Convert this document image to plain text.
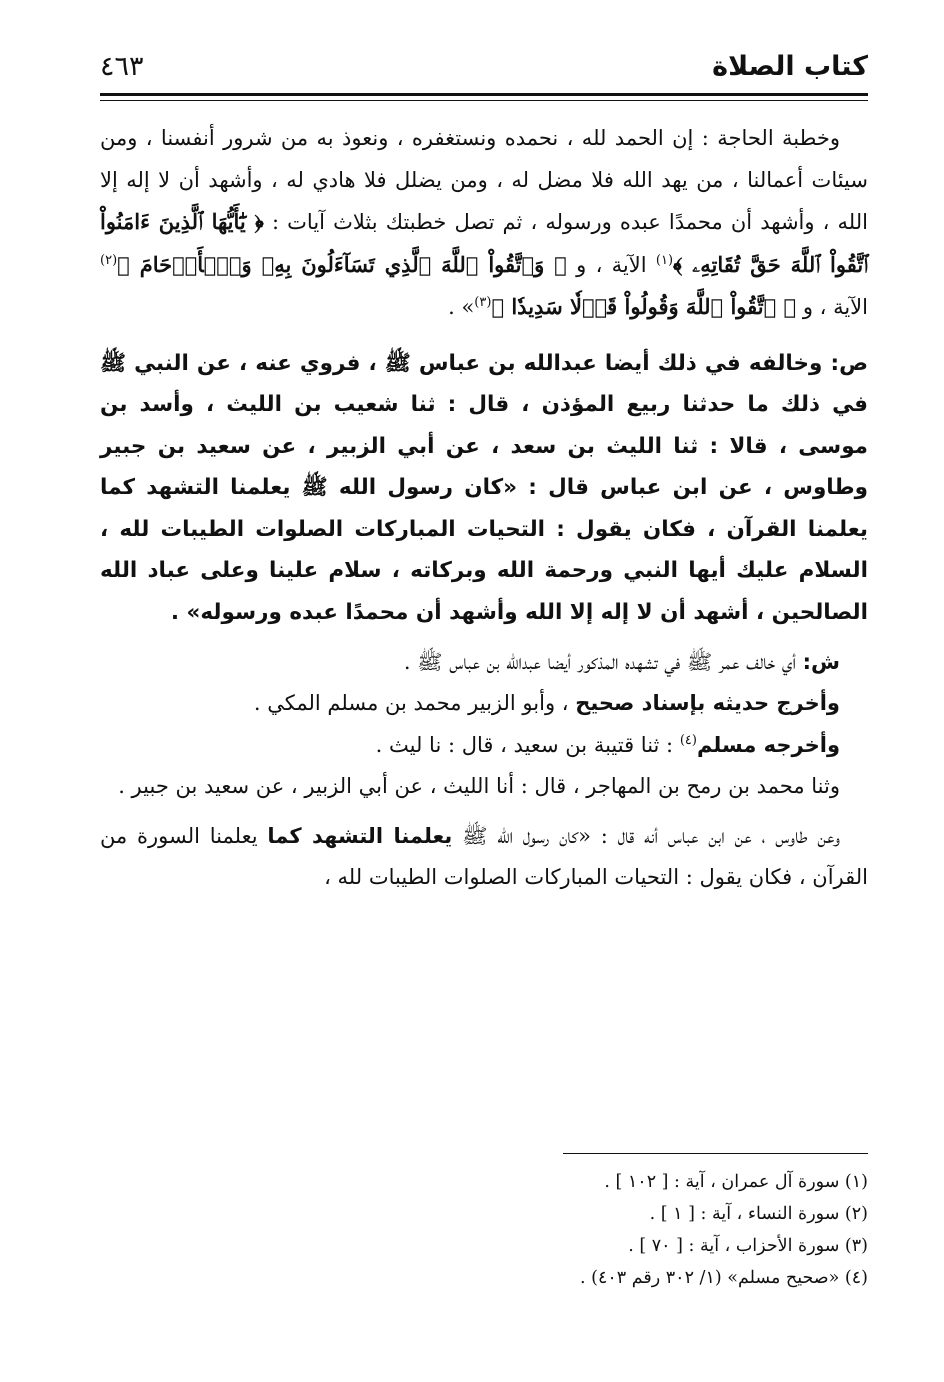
كتاب الصلاة
٤٦٣

وخطبة الحاجة : إن الحمد لله ، نحمده ونستغفره ، ونعوذ به من شرور أنفسنا ، ومن سيئات أعمالنا ، من يهد الله فلا مضل له ، ومن يضلل فلا هادي له ، وأشهد أن لا إله إلا الله ، وأشهد أن محمدًا عبده ورسوله ، ثم تصل خطبتك بثلاث آيات : ﴿ يَٰٓأَيُّهَا ٱلَّذِينَ ءَامَنُواْ ٱتَّقُواْ ٱللَّهَ حَقَّ تُقَاتِهِۦ ﴾$^{(١)}$ الآية ، و ﴿ وَٱتَّقُواْ ٱللَّهَ ٱلَّذِي تَسَآءَلُونَ بِهِۦ وَٱلۡأَرۡحَامَ ﴾$^{(٢)}$ الآية ، و ﴿ ٱتَّقُواْ ٱللَّهَ وَقُولُواْ قَوۡلٗا سَدِيدٗا ﴾$^{(٣)}$» .

ص: وخالفه في ذلك أيضا عبدالله بن عباس ﷺ ، فروي عنه ، عن النبي ﷺ في ذلك ما حدثنا ربيع المؤذن ، قال : ثنا شعيب بن الليث ، وأسد بن موسى ، قالا : ثنا الليث بن سعد ، عن أبي الزبير ، عن سعيد بن جبير وطاوس ، عن ابن عباس قال : «كان رسول الله ﷺ يعلمنا التشهد كما يعلمنا القرآن ، فكان يقول : التحيات المباركات الصلوات الطيبات لله ، السلام عليك أيها النبي ورحمة الله وبركاته ، سلام علينا وعلى عباد الله الصالحين ، أشهد أن لا إله إلا الله وأشهد أن محمدًا عبده ورسوله» .

ش: أي خالف عمر ﷺ في تشهده المذكور أيضا عبدالله بن عباس ﷺ .

وأخرج حديثه بإسناد صحيح ، وأبو الزبير محمد بن مسلم المكي .

وأخرجه مسلم$^{(٤)}$ : ثنا قتيبة بن سعيد ، قال : نا ليث .

وثنا محمد بن رمح بن المهاجر ، قال : أنا الليث ، عن أبي الزبير ، عن سعيد بن جبير .

وعن طاوس ، عن ابن عباس أنه قال : «كان رسول الله ﷺ يعلمنا التشهد كما يعلمنا السورة من القرآن ، فكان يقول : التحيات المباركات الصلوات الطيبات لله ،

(١) سورة آل عمران ، آية : [ ١٠٢ ] .
(٢) سورة النساء ، آية : [ ١ ] .
(٣) سورة الأحزاب ، آية : [ ٧٠ ] .
(٤) «صحيح مسلم» (١/ ٣٠٢ رقم ٤٠٣) .
